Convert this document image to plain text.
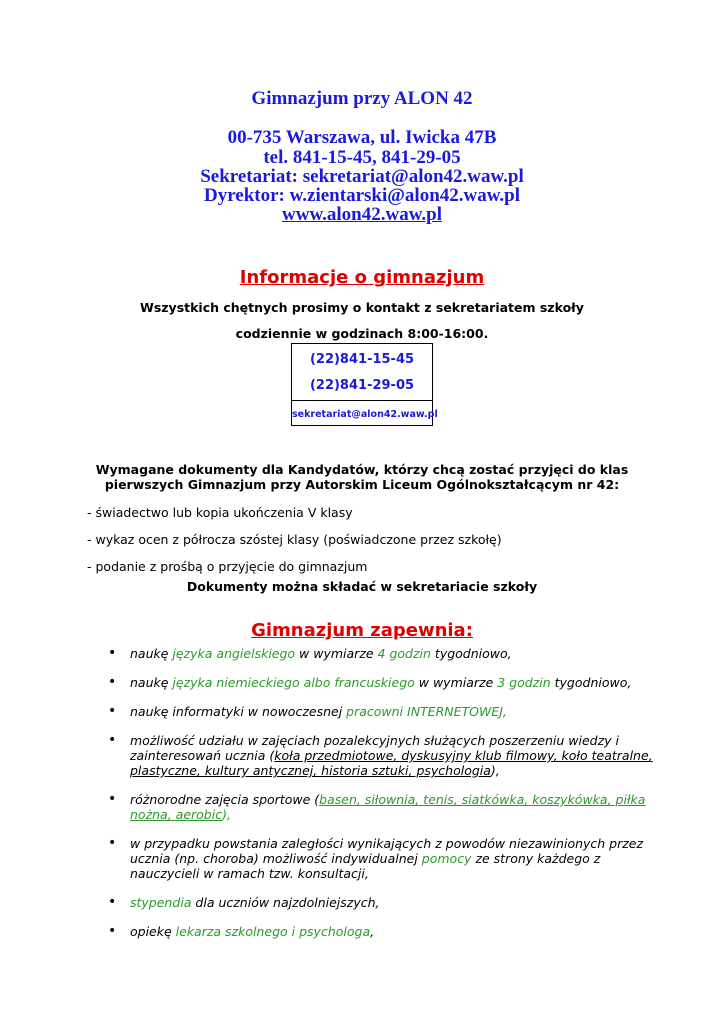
Gimnazjum przy ALON 42
00-735 Warszawa, ul. Iwicka 47B
tel. 841-15-45, 841-29-05
Sekretariat: sekretariat@alon42.waw.pl
Dyrektor: w.zientarski@alon42.waw.pl
www.alon42.waw.pl
Informacje o gimnazjum
Wszystkich chętnych prosimy o kontakt z sekretariatem szkoły
codziennie w godzinach 8:00-16:00.
(22)841-15-45
(22)841-29-05
sekretariat@alon42.waw.pl
Wymagane dokumenty dla Kandydatów, którzy chcą zostać przyjęci do klas
pierwszych Gimnazjum przy Autorskim Liceum Ogólnokształcącym nr 42:
- świadectwo lub kopia ukończenia V klasy
- wykaz ocen z półrocza szóstej klasy (poświadczone przez szkołę)
- podanie z prośbą o przyjęcie do gimnazjum
Dokumenty można składać w sekretariacie szkoły
Gimnazjum zapewnia:
• naukę języka angielskiego w wymiarze 4 godzin tygodniowo,
• naukę języka niemieckiego albo francuskiego w wymiarze 3 godzin tygodniowo,
• naukę informatyki w nowoczesnej pracowni INTERNETOWEJ,
• możliwość udziału w zajęciach pozalekcyjnych służących poszerzeniu wiedzy i zainteresowań ucznia (koła przedmiotowe, dyskusyjny klub filmowy, koło teatralne, plastyczne, kultury antycznej, historia sztuki, psychologia),
• różnorodne zajęcia sportowe (basen, siłownia, tenis, siatkówka, koszykówka, piłka nożna, aerobic),
• w przypadku powstania zaległości wynikających z powodów niezawinionych przez ucznia (np. choroba) możliwość indywidualnej pomocy ze strony każdego z nauczycieli w ramach tzw. konsultacji,
• stypendia dla uczniów najzdolniejszych,
• opiekę lekarza szkolnego i psychologa,
